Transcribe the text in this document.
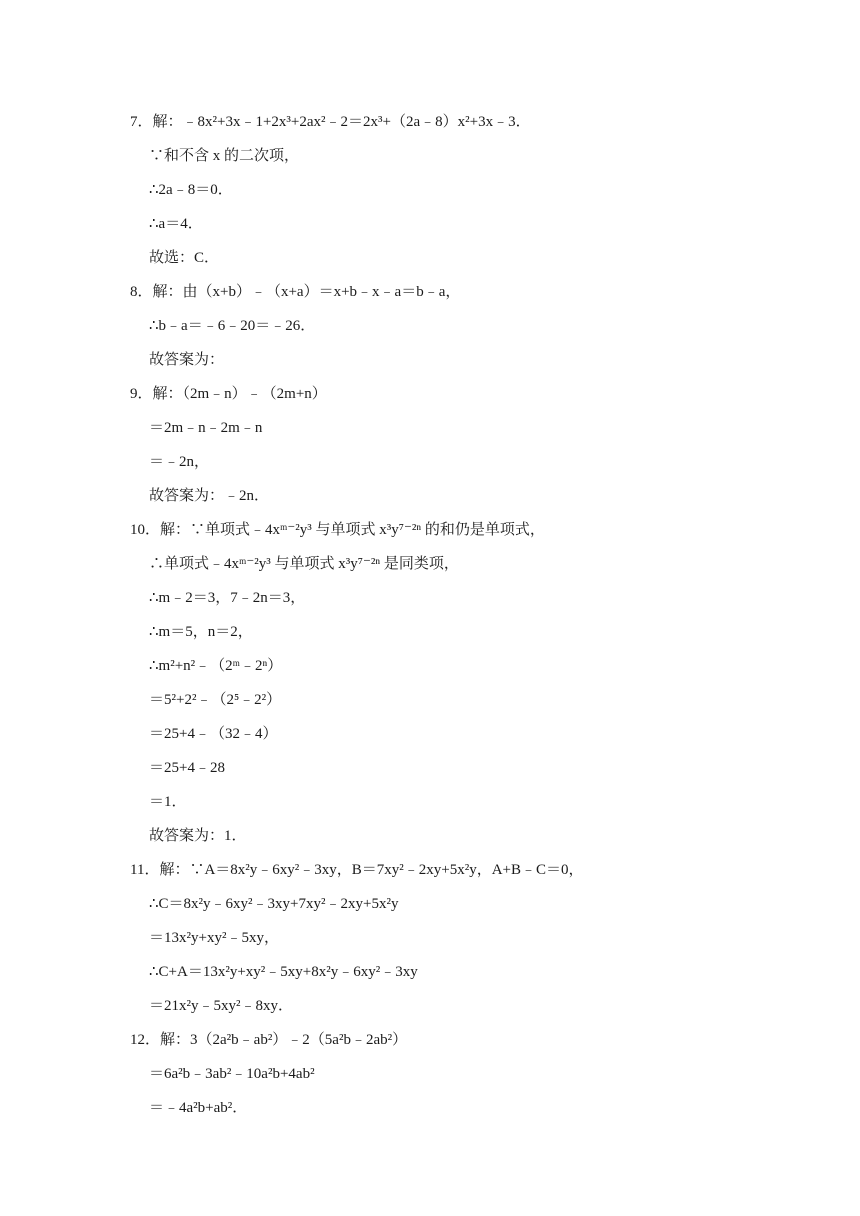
7．解：﹣8x²+3x﹣1+2x³+2ax²﹣2＝2x³+（2a﹣8）x²+3x﹣3．
∵和不含 x 的二次项，
∴2a﹣8＝0．
∴a＝4．
故选：C．
8．解：由（x+b）﹣（x+a）＝x+b﹣x﹣a＝b﹣a，
∴b﹣a＝﹣6﹣20＝﹣26．
故答案为：
9．解：（2m﹣n）﹣（2m+n）
＝2m﹣n﹣2m﹣n
＝﹣2n，
故答案为：﹣2n．
10．解：∵单项式﹣4xᵐ⁻²y³ 与单项式 x³y⁷⁻²ⁿ 的和仍是单项式，
∴单项式﹣4xᵐ⁻²y³ 与单项式 x³y⁷⁻²ⁿ 是同类项，
∴m﹣2＝3，7﹣2n＝3，
∴m＝5，n＝2，
∴m²+n²﹣（2ᵐ﹣2ⁿ）
＝5²+2²﹣（2⁵﹣2²）
＝25+4﹣（32﹣4）
＝25+4﹣28
＝1．
故答案为：1．
11．解：∵A＝8x²y﹣6xy²﹣3xy，B＝7xy²﹣2xy+5x²y，A+B﹣C＝0，
∴C＝8x²y﹣6xy²﹣3xy+7xy²﹣2xy+5x²y
＝13x²y+xy²﹣5xy，
∴C+A＝13x²y+xy²﹣5xy+8x²y﹣6xy²﹣3xy
＝21x²y﹣5xy²﹣8xy．
12．解：3（2a²b﹣ab²）﹣2（5a²b﹣2ab²）
＝6a²b﹣3ab²﹣10a²b+4ab²
＝﹣4a²b+ab²．
